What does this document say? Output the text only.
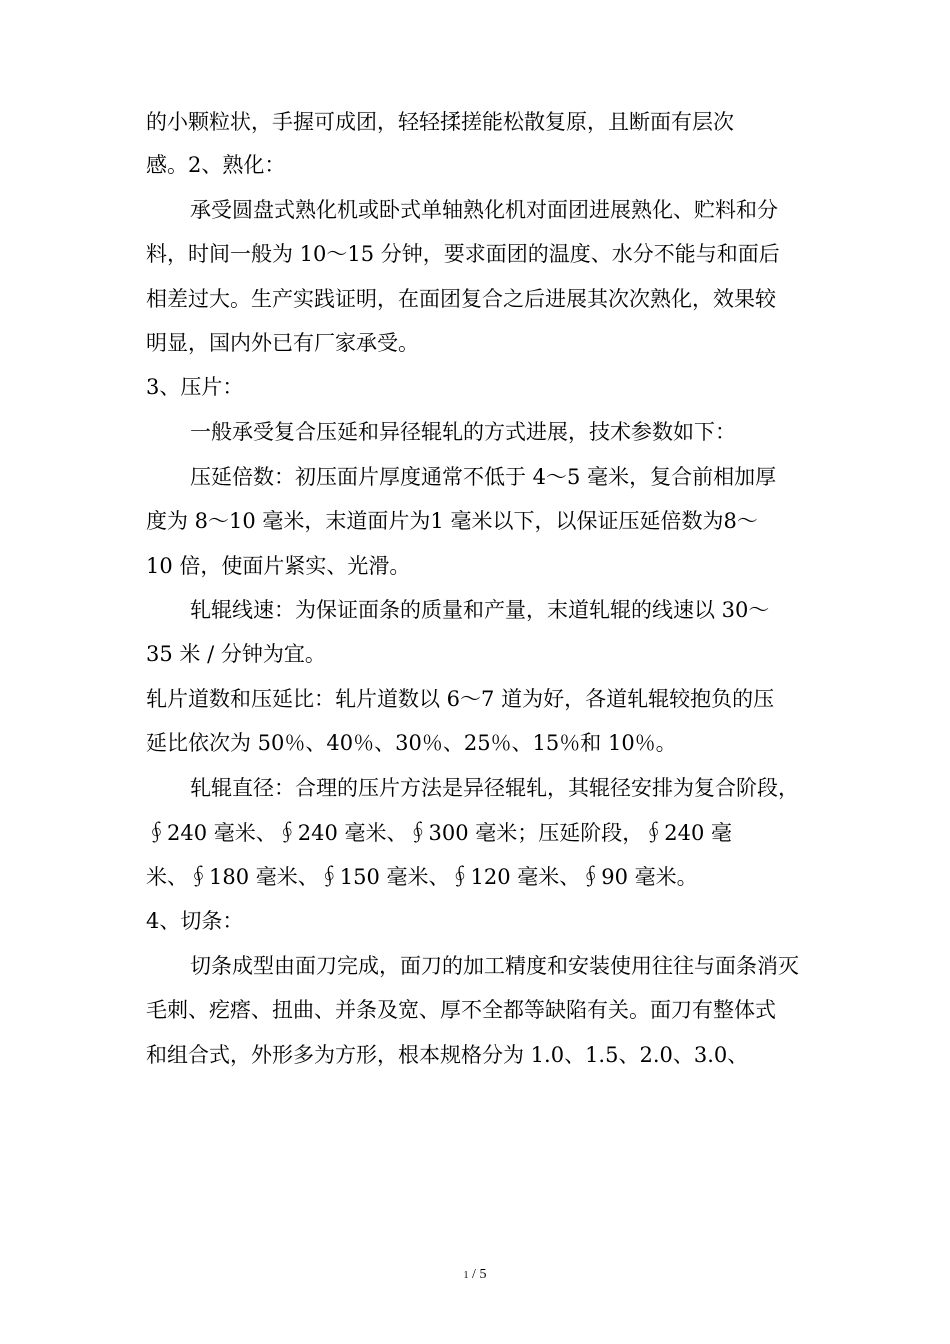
的小颗粒状，手握可成团，轻轻揉搓能松散复原，且断面有层次
感。2、熟化：
承受圆盘式熟化机或卧式单轴熟化机对面团进展熟化、贮料和分
料，时间一般为 10～15 分钟，要求面团的温度、水分不能与和面后
相差过大。生产实践证明，在面团复合之后进展其次次熟化，效果较
明显，国内外已有厂家承受。
3、压片：
一般承受复合压延和异径辊轧的方式进展，技术参数如下：
压延倍数：初压面片厚度通常不低于 4～5 毫米，复合前相加厚
度为 8～10 毫米，末道面片为1 毫米以下，以保证压延倍数为8～
10 倍，使面片紧实、光滑。
轧辊线速：为保证面条的质量和产量，末道轧辊的线速以 30～
35 米 / 分钟为宜。
轧片道数和压延比：轧片道数以 6～7 道为好，各道轧辊较抱负的压
延比依次为 50％、40％、30％、25％、15％和 10％。
轧辊直径：合理的压片方法是异径辊轧，其辊径安排为复合阶段，
∮240 毫米、∮240 毫米、∮300 毫米；压延阶段，∮240 毫
米、∮180 毫米、∮150 毫米、∮120 毫米、∮90 毫米。
4、切条：
切条成型由面刀完成，面刀的加工精度和安装使用往往与面条消灭
毛刺、疙瘩、扭曲、并条及宽、厚不全都等缺陷有关。面刀有整体式
和组合式，外形多为方形，根本规格分为 1.0、1.5、2.0、3.0、
1 / 5
